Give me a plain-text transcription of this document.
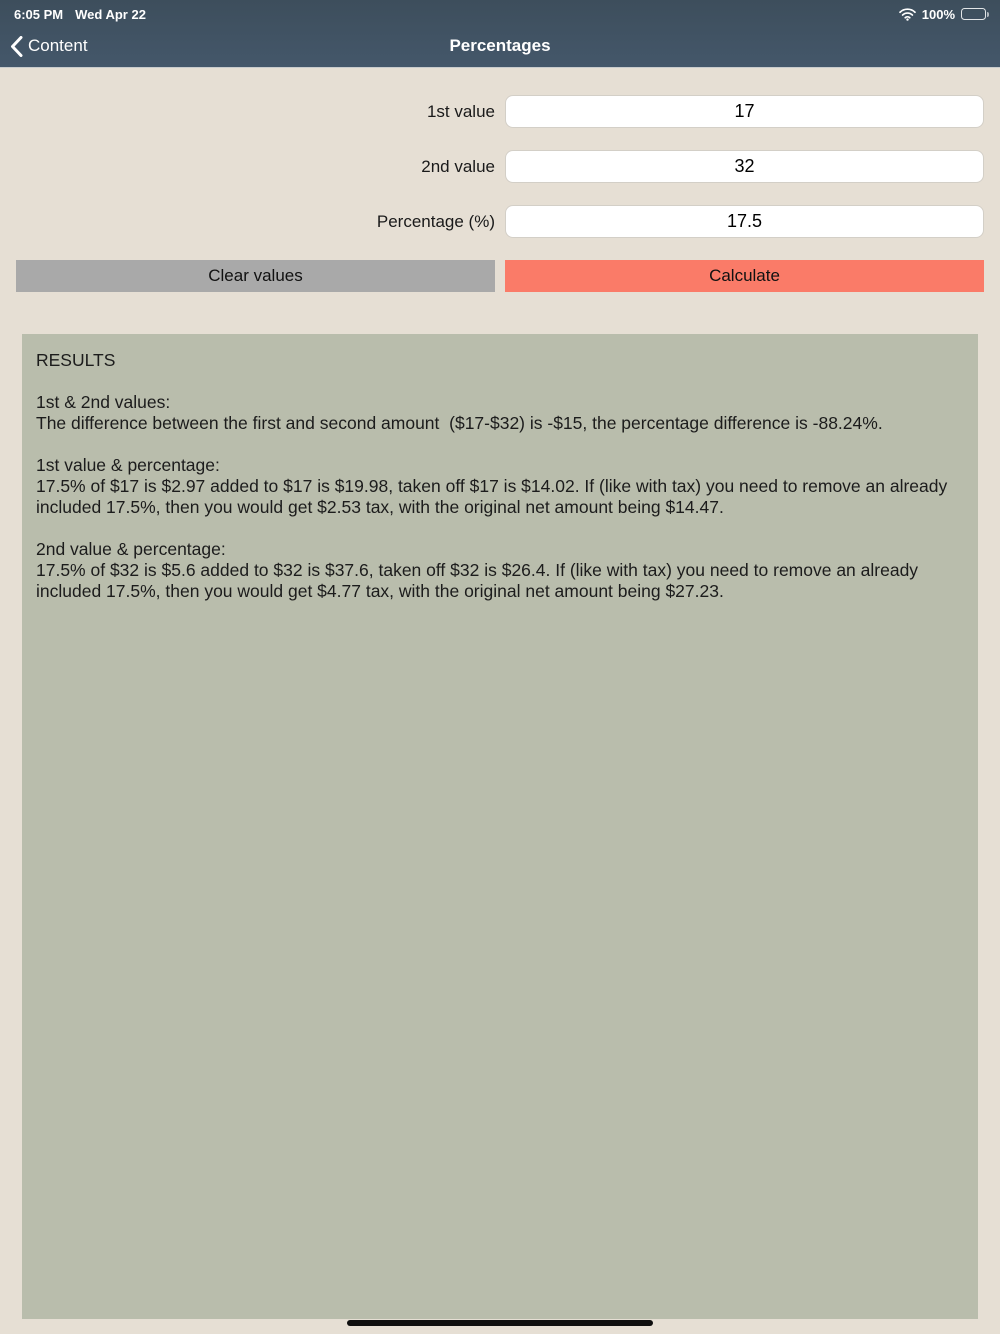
6:05 PM Wed Apr 22	100%
Content	Percentages
1st value
17
2nd value
32
Percentage (%)
17.5
Clear values	Calculate
RESULTS
1st & 2nd values:
The difference between the first and second amount  ($17-$32) is -$15, the percentage difference is -88.24%.
1st value & percentage:
17.5% of $17 is $2.97 added to $17 is $19.98, taken off $17 is $14.02. If (like with tax) you need to remove an already included 17.5%, then you would get $2.53 tax, with the original net amount being $14.47.
2nd value & percentage:
17.5% of $32 is $5.6 added to $32 is $37.6, taken off $32 is $26.4. If (like with tax) you need to remove an already included 17.5%, then you would get $4.77 tax, with the original net amount being $27.23.
